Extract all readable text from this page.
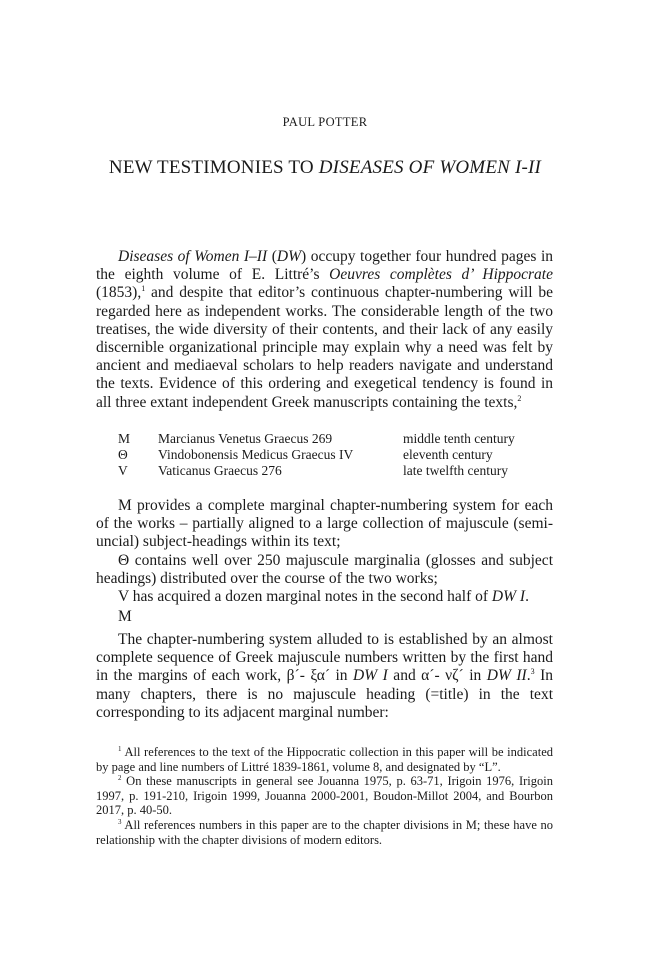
PAUL POTTER
NEW TESTIMONIES TO DISEASES OF WOMEN I-II

Diseases of Women I–II (DW) occupy together four hundred pages in the eighth volume of E. Littré’s Oeuvres complètes d’ Hippocrate (1853),$^1$ and despite that editor’s continuous chapter-numbering will be regarded here as independent works. The considerable length of the two treatises, the wide diversity of their contents, and their lack of any easily discernible organizational principle may explain why a need was felt by ancient and mediaeval scholars to help readers navigate and understand the texts. Evidence of this ordering and exegetical tendency is found in all three extant independent Greek manuscripts containing the texts,$^2$

M	Marcianus Venetus Graecus 269	middle tenth century
Θ	Vindobonensis Medicus Graecus IV	eleventh century
V	Vaticanus Graecus 276	late twelfth century

M provides a complete marginal chapter-numbering system for each of the works – partially aligned to a large collection of majuscule (semi-uncial) subject-headings within its text;

Θ contains well over 250 majuscule marginalia (glosses and subject headings) distributed over the course of the two works;

V has acquired a dozen marginal notes in the second half of DW I.

M

The chapter-numbering system alluded to is established by an almost complete sequence of Greek majuscule numbers written by the first hand in the margins of each work, β´- ξα´ in DW I and α´- νζ´ in DW II.$^3$ In many chapters, there is no majuscule heading (=title) in the text corresponding to its adjacent marginal number:

$^1$ All references to the text of the Hippocratic collection in this paper will be indicated by page and line numbers of Littré 1839-1861, volume 8, and designated by “L”.

$^2$ On these manuscripts in general see Jouanna 1975, p. 63-71, Irigoin 1976, Irigoin 1997, p. 191-210, Irigoin 1999, Jouanna 2000-2001, Boudon-Millot 2004, and Bourbon 2017, p. 40-50.

$^3$ All references numbers in this paper are to the chapter divisions in M; these have no relationship with the chapter divisions of modern editors.
